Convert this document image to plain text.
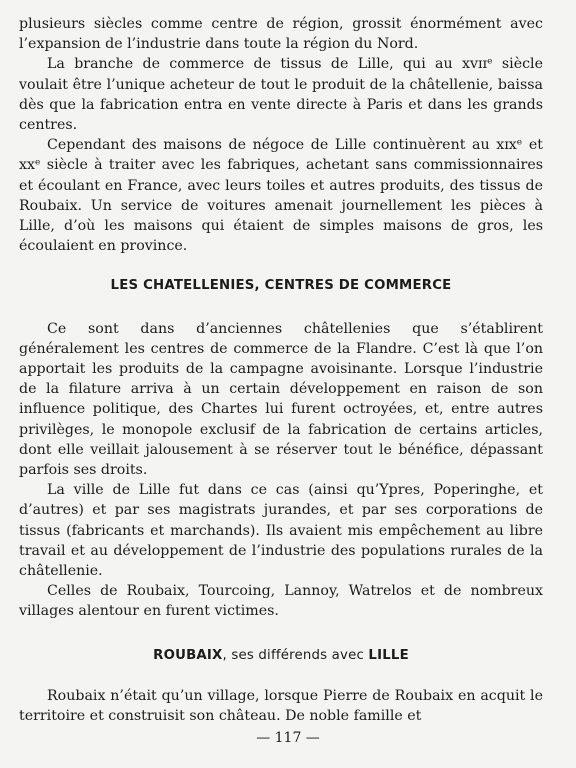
plusieurs siècles comme centre de région, grossit énormément avec l’expansion de l’industrie dans toute la région du Nord.

La branche de commerce de tissus de Lille, qui au xvɪɪᵉ siècle voulait être l’unique acheteur de tout le produit de la châtellenie, baissa dès que la fabrication entra en vente directe à Paris et dans les grands centres.

Cependant des maisons de négoce de Lille continuèrent au xɪxᵉ et xxᵉ siècle à traiter avec les fabriques, achetant sans commissionnaires et écoulant en France, avec leurs toiles et autres produits, des tissus de Roubaix. Un service de voitures amenait journellement les pièces à Lille, d’où les maisons qui étaient de simples maisons de gros, les écoulaient en province.

LES CHATELLENIES, CENTRES DE COMMERCE

Ce sont dans d’anciennes châtellenies que s’établirent généralement les centres de commerce de la Flandre. C’est là que l’on apportait les produits de la campagne avoisinante. Lorsque l’industrie de la filature arriva à un certain développement en raison de son influence politique, des Chartes lui furent octroyées, et, entre autres privilèges, le monopole exclusif de la fabrication de certains articles, dont elle veillait jalousement à se réserver tout le bénéfice, dépassant parfois ses droits.

La ville de Lille fut dans ce cas (ainsi qu’Ypres, Poperinghe, et d’autres) et par ses magistrats jurandes, et par ses corporations de tissus (fabricants et marchands). Ils avaient mis empêchement au libre travail et au développement de l’industrie des populations rurales de la châtellenie.

Celles de Roubaix, Tourcoing, Lannoy, Watrelos et de nombreux villages alentour en furent victimes.

ROUBAIX, ses différends avec LILLE

Roubaix n’était qu’un village, lorsque Pierre de Roubaix en acquit le territoire et construisit son château. De noble famille et

— 117 —
